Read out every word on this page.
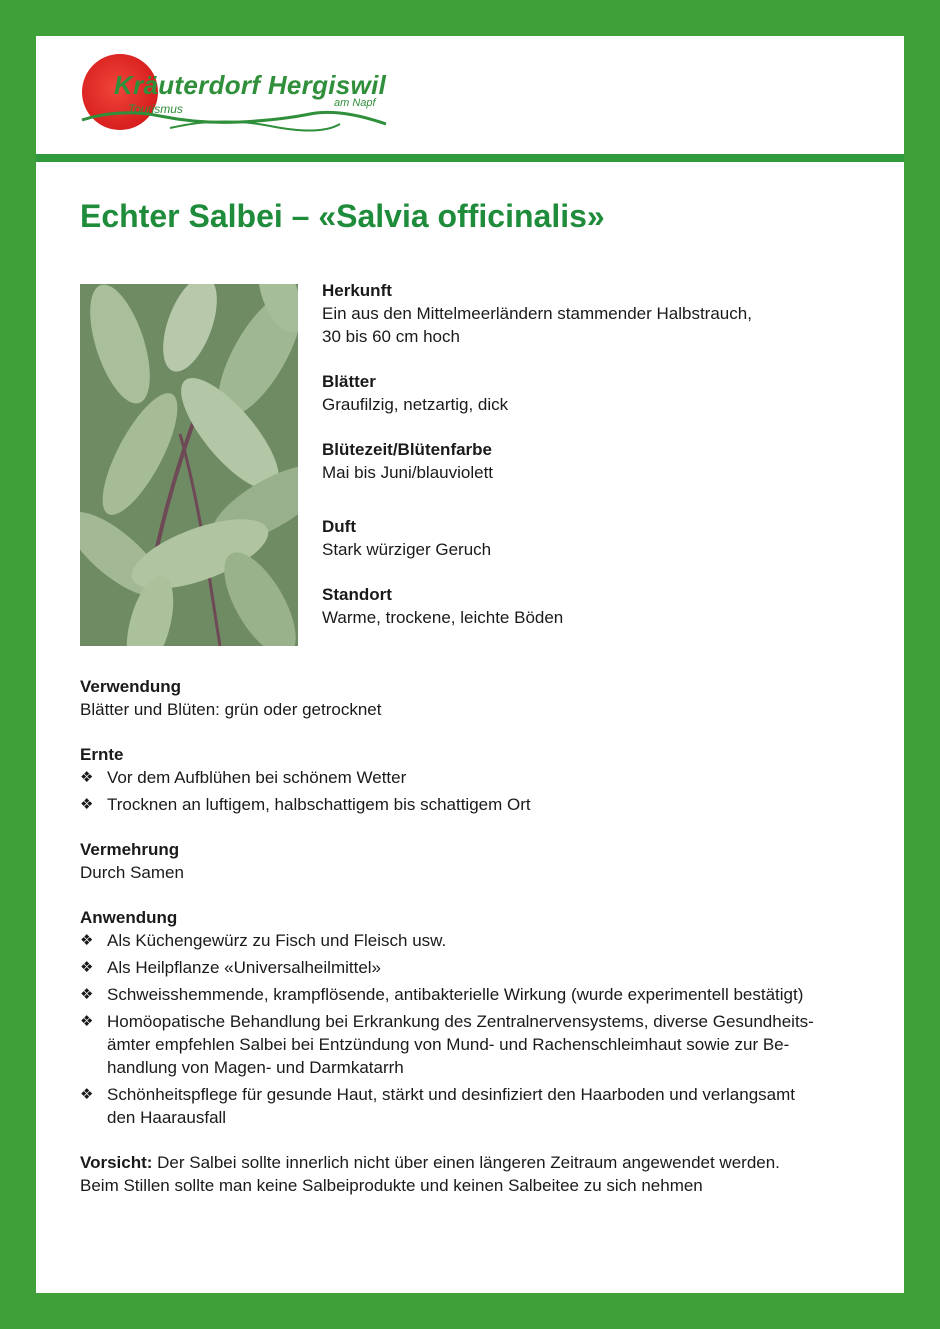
Kräuterdorf Hergiswil
Tourismus	am Napf
Echter Salbei – «Salvia officinalis»
Herkunft
Ein aus den Mittelmeerländern stammender Halbstrauch,
30 bis 60 cm hoch
Blätter
Graufilzig, netzartig, dick
Blütezeit/Blütenfarbe
Mai bis Juni/blauviolett
Duft
Stark würziger Geruch
Standort
Warme, trockene, leichte Böden
Verwendung
Blätter und Blüten: grün oder getrocknet
Ernte
❖ Vor dem Aufblühen bei schönem Wetter
❖ Trocknen an luftigem, halbschattigem bis schattigem Ort
Vermehrung
Durch Samen
Anwendung
❖ Als Küchengewürz zu Fisch und Fleisch usw.
❖ Als Heilpflanze «Universalheilmittel»
❖ Schweisshemmende, krampflösende, antibakterielle Wirkung (wurde experimentell bestätigt)
❖ Homöopatische Behandlung bei Erkrankung des Zentralnervensystems, diverse Gesundheits-
ämter empfehlen Salbei bei Entzündung von Mund- und Rachenschleimhaut sowie zur Be-
handlung von Magen- und Darmkatarrh
❖ Schönheitspflege für gesunde Haut, stärkt und desinfiziert den Haarboden und verlangsamt
den Haarausfall
Vorsicht: Der Salbei sollte innerlich nicht über einen längeren Zeitraum angewendet werden.
Beim Stillen sollte man keine Salbeiprodukte und keinen Salbeitee zu sich nehmen
